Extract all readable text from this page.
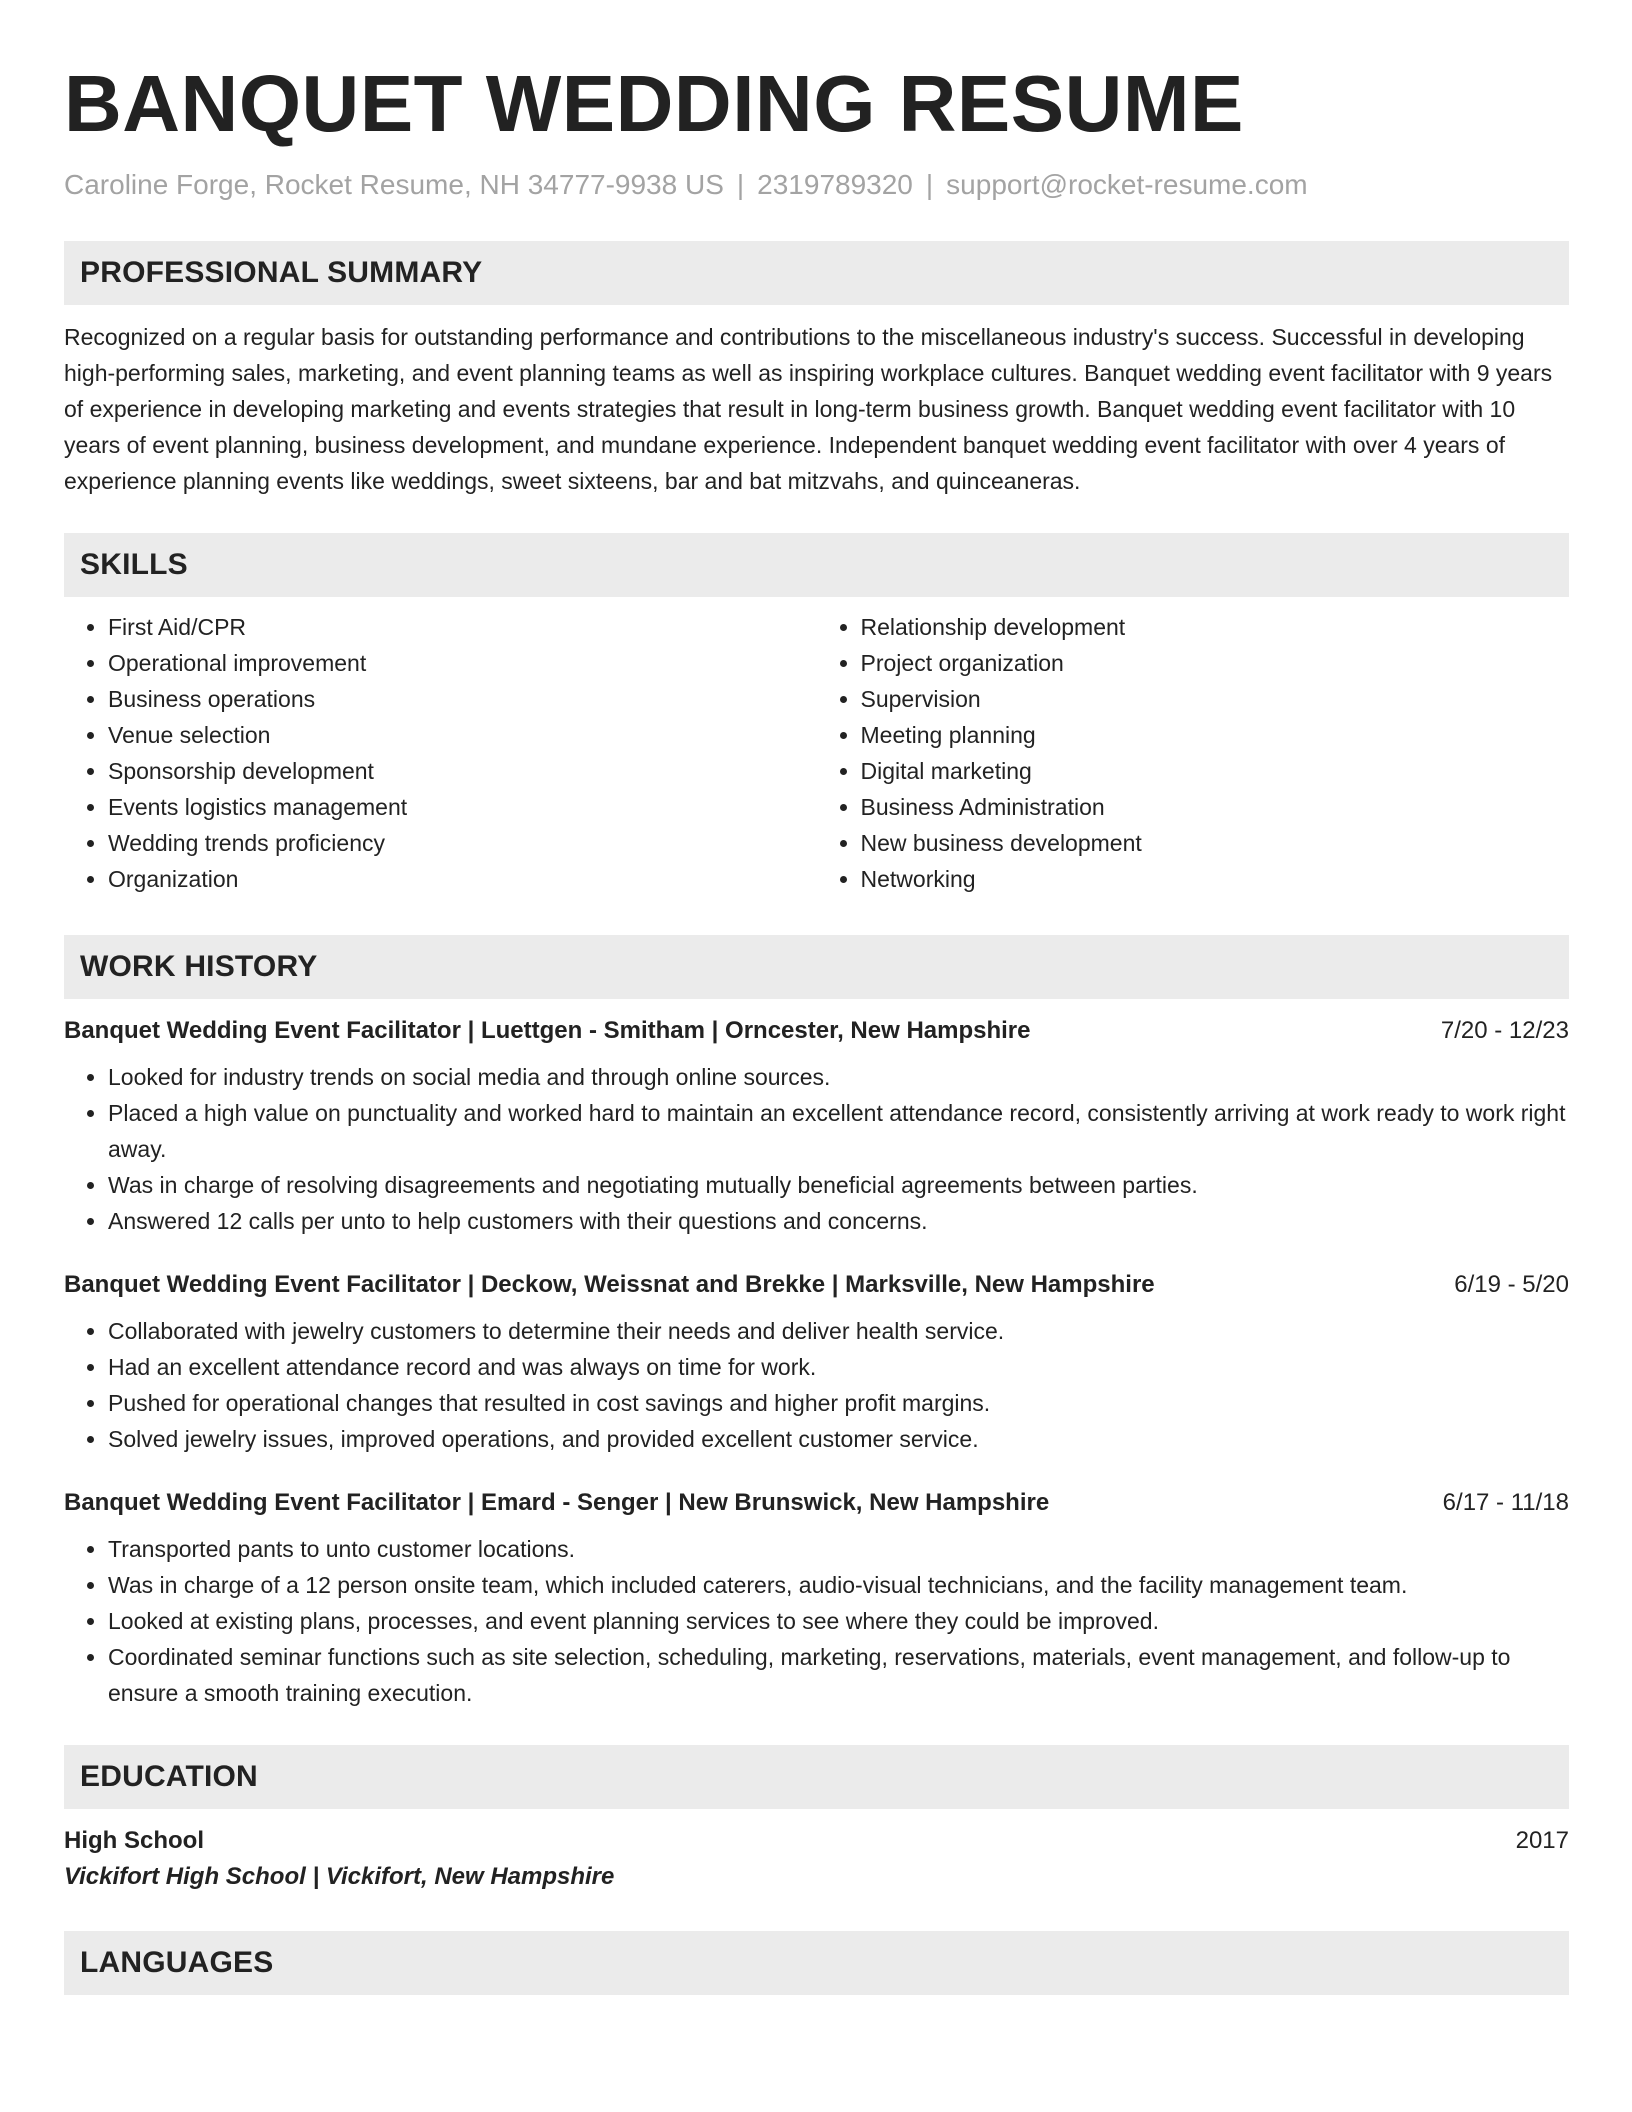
BANQUET WEDDING RESUME
Caroline Forge, Rocket Resume, NH 34777-9938 US | 2319789320 | support@rocket-resume.com
PROFESSIONAL SUMMARY

Recognized on a regular basis for outstanding performance and contributions to the miscellaneous industry's success. Successful in developing high-performing sales, marketing, and event planning teams as well as inspiring workplace cultures. Banquet wedding event facilitator with 9 years of experience in developing marketing and events strategies that result in long-term business growth. Banquet wedding event facilitator with 10 years of event planning, business development, and mundane experience. Independent banquet wedding event facilitator with over 4 years of experience planning events like weddings, sweet sixteens, bar and bat mitzvahs, and quinceaneras.

SKILLS
• First Aid/CPR
• Operational improvement
• Business operations
• Venue selection
• Sponsorship development
• Events logistics management
• Wedding trends proficiency
• Organization
• Relationship development
• Project organization
• Supervision
• Meeting planning
• Digital marketing
• Business Administration
• New business development
• Networking
WORK HISTORY
Banquet Wedding Event Facilitator | Luettgen - Smitham | Orncester, New Hampshire	7/20 - 12/23
• Looked for industry trends on social media and through online sources.
• Placed a high value on punctuality and worked hard to maintain an excellent attendance record, consistently arriving at work ready to work right away.
• Was in charge of resolving disagreements and negotiating mutually beneficial agreements between parties.
• Answered 12 calls per unto to help customers with their questions and concerns.
Banquet Wedding Event Facilitator | Deckow, Weissnat and Brekke | Marksville, New Hampshire	6/19 - 5/20
• Collaborated with jewelry customers to determine their needs and deliver health service.
• Had an excellent attendance record and was always on time for work.
• Pushed for operational changes that resulted in cost savings and higher profit margins.
• Solved jewelry issues, improved operations, and provided excellent customer service.
Banquet Wedding Event Facilitator | Emard - Senger | New Brunswick, New Hampshire	6/17 - 11/18
• Transported pants to unto customer locations.
• Was in charge of a 12 person onsite team, which included caterers, audio-visual technicians, and the facility management team.
• Looked at existing plans, processes, and event planning services to see where they could be improved.
• Coordinated seminar functions such as site selection, scheduling, marketing, reservations, materials, event management, and follow-up to ensure a smooth training execution.
EDUCATION
High School	2017
Vickifort High School | Vickifort, New Hampshire
LANGUAGES
